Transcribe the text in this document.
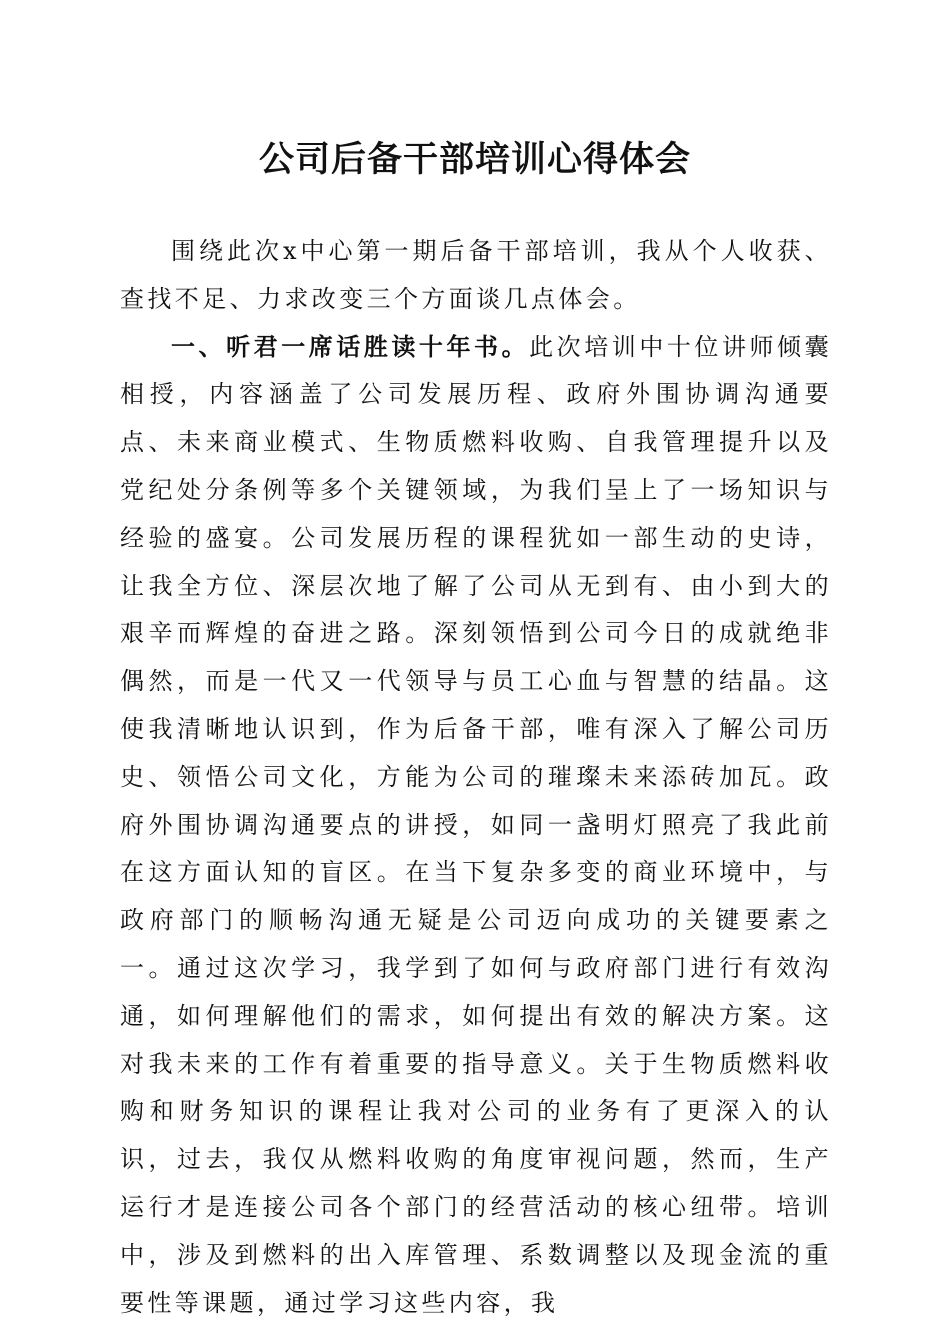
公司后备干部培训心得体会

围绕此次x中心第一期后备干部培训，我从个人收获、查找不足、力求改变三个方面谈几点体会。

一、听君一席话胜读十年书。此次培训中十位讲师倾囊相授，内容涵盖了公司发展历程、政府外围协调沟通要点、未来商业模式、生物质燃料收购、自我管理提升以及党纪处分条例等多个关键领域，为我们呈上了一场知识与经验的盛宴。公司发展历程的课程犹如一部生动的史诗，让我全方位、深层次地了解了公司从无到有、由小到大的艰辛而辉煌的奋进之路。深刻领悟到公司今日的成就绝非偶然，而是一代又一代领导与员工心血与智慧的结晶。这使我清晰地认识到，作为后备干部，唯有深入了解公司历史、领悟公司文化，方能为公司的璀璨未来添砖加瓦。政府外围协调沟通要点的讲授，如同一盏明灯照亮了我此前在这方面认知的盲区。在当下复杂多变的商业环境中，与政府部门的顺畅沟通无疑是公司迈向成功的关键要素之一。通过这次学习，我学到了如何与政府部门进行有效沟通，如何理解他们的需求，如何提出有效的解决方案。这对我未来的工作有着重要的指导意义。关于生物质燃料收购和财务知识的课程让我对公司的业务有了更深入的认识，过去，我仅从燃料收购的角度审视问题，然而，生产运行才是连接公司各个部门的经营活动的核心纽带。培训中，涉及到燃料的出入库管理、系数调整以及现金流的重要性等课题，通过学习这些内容，我
